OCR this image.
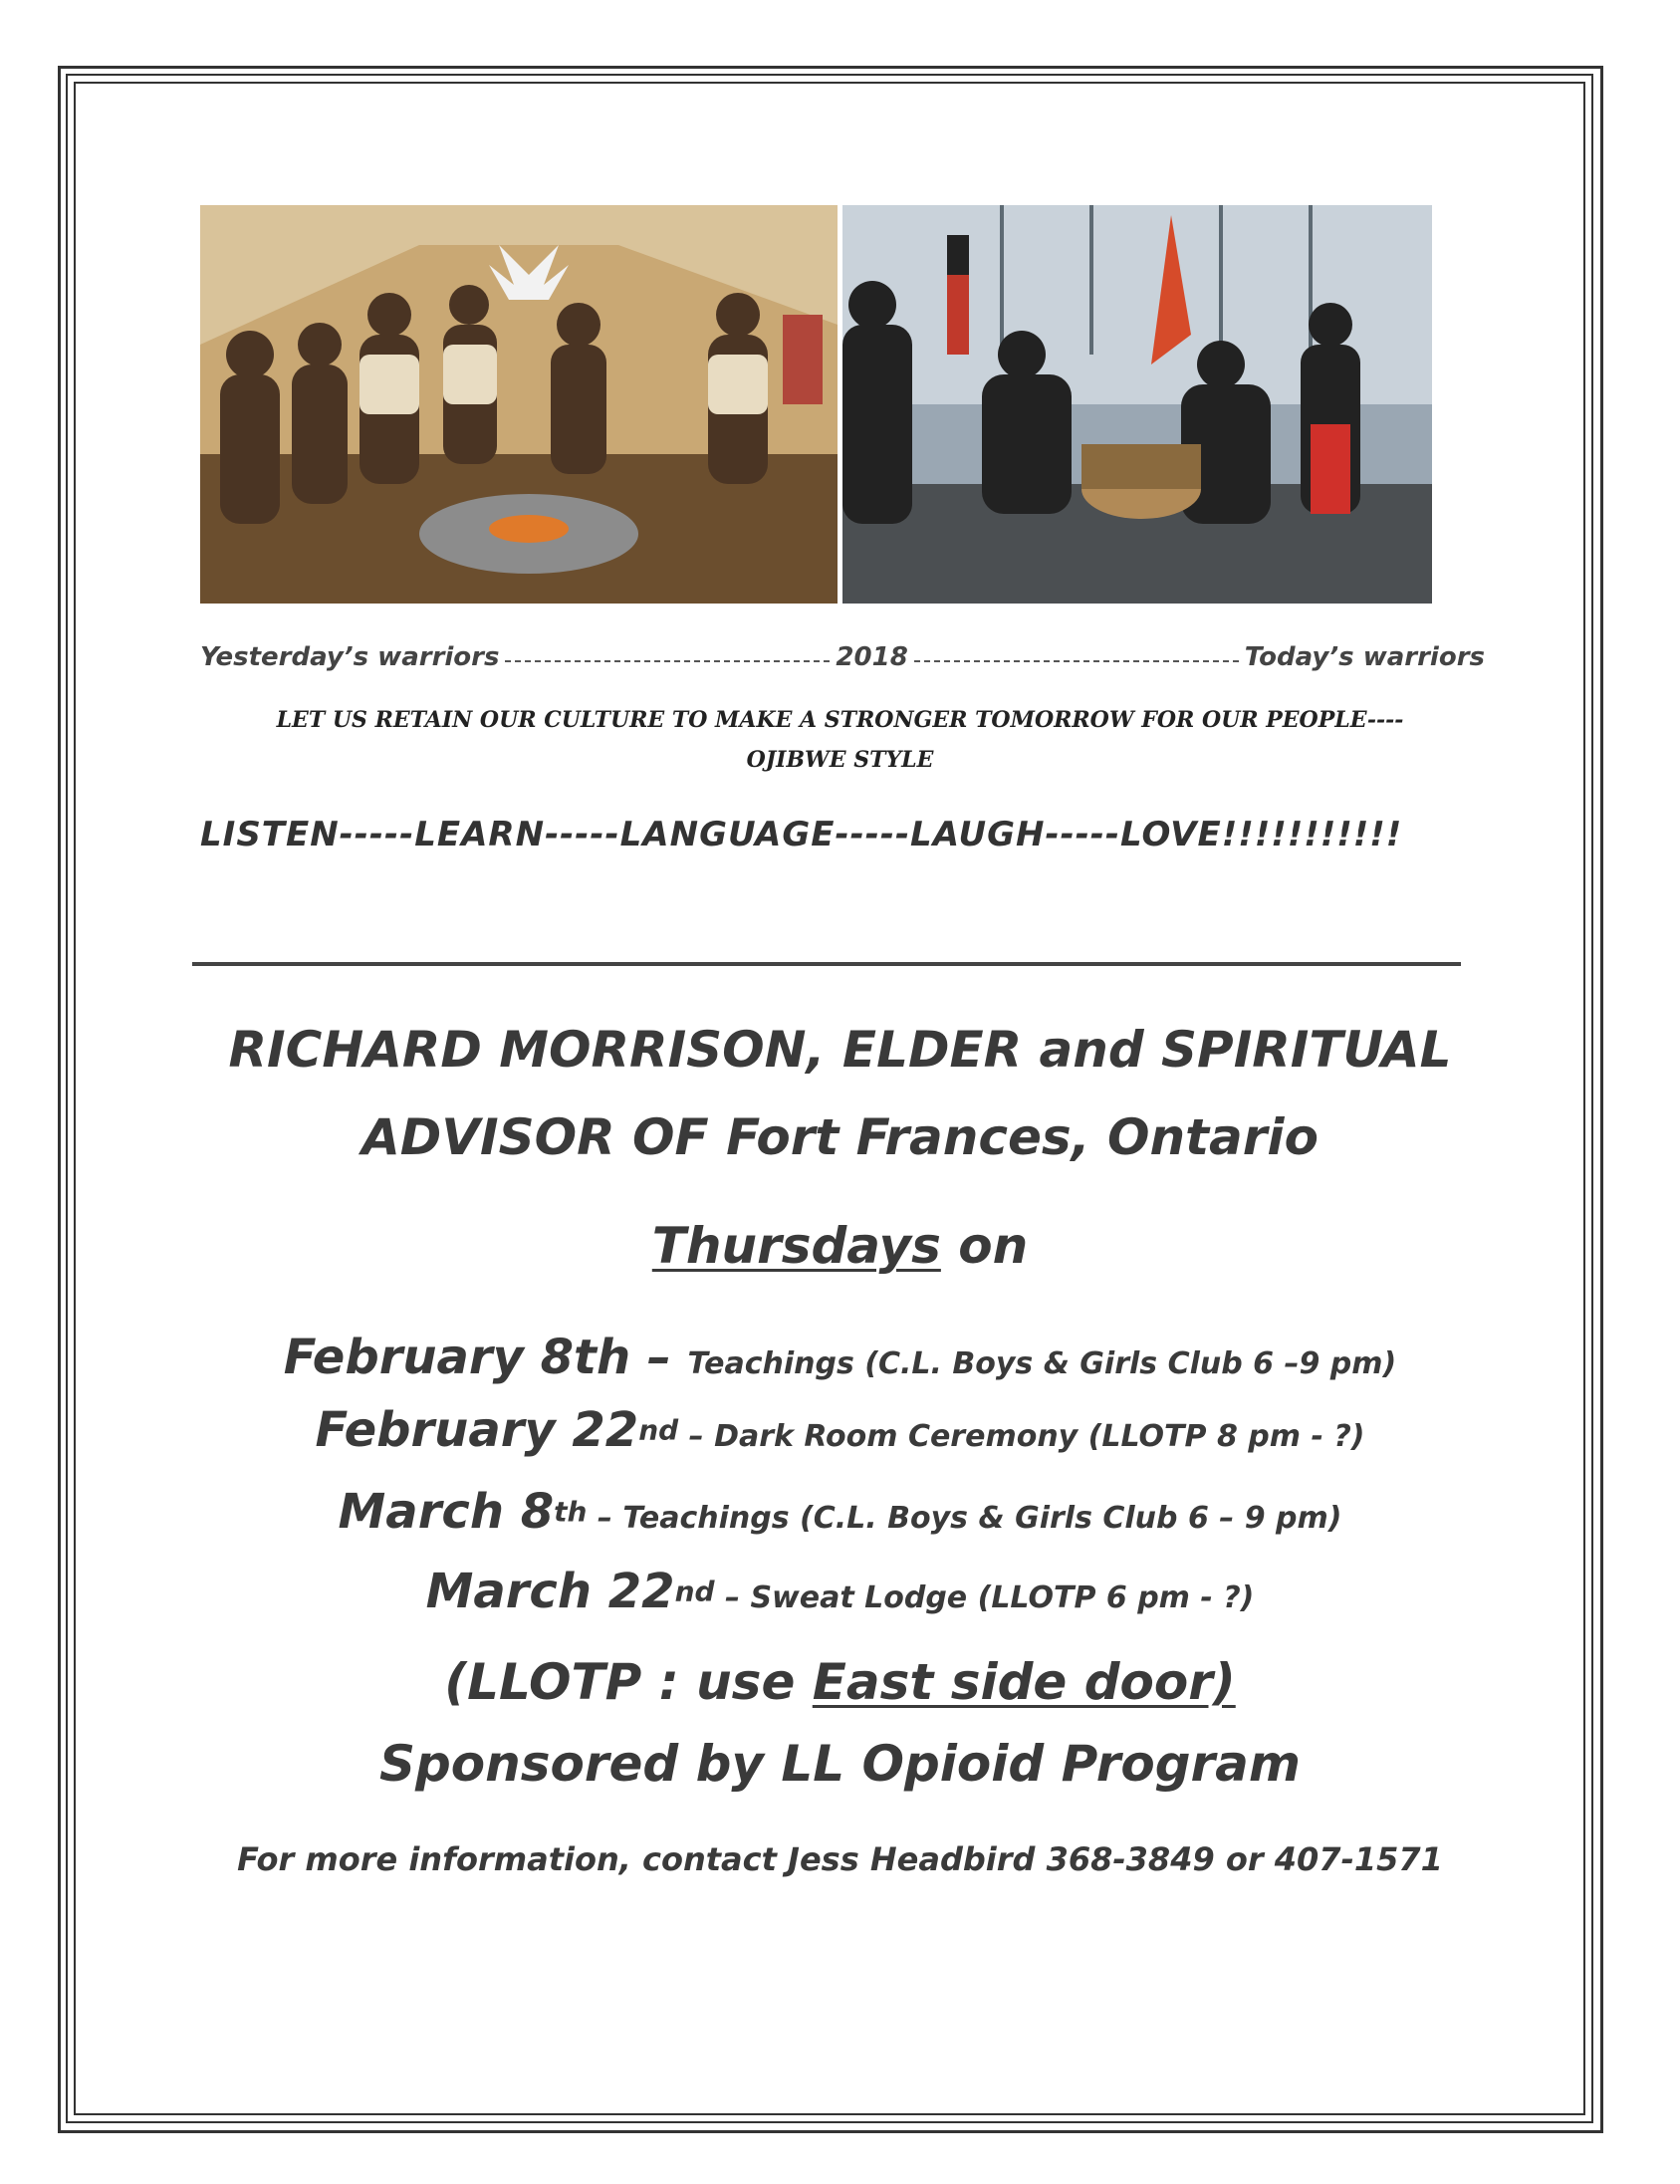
Yesterday’s warriors	2018	Today’s warriors
LET US RETAIN OUR CULTURE TO MAKE A STRONGER TOMORROW FOR OUR PEOPLE----
OJIBWE STYLE
LISTEN-----LEARN-----LANGUAGE-----LAUGH-----LOVE!!!!!!!!!!!
RICHARD MORRISON, ELDER and SPIRITUAL
ADVISOR OF Fort Frances, Ontario
Thursdays on
February 8th – Teachings (C.L. Boys & Girls Club 6 –9 pm)
February 22nd – Dark Room Ceremony (LLOTP 8 pm - ?)
March 8th – Teachings (C.L. Boys & Girls Club 6 – 9 pm)
March 22nd – Sweat Lodge (LLOTP 6 pm - ?)
(LLOTP : use East side door)
Sponsored by LL Opioid Program
For more information, contact Jess Headbird 368-3849 or 407-1571
